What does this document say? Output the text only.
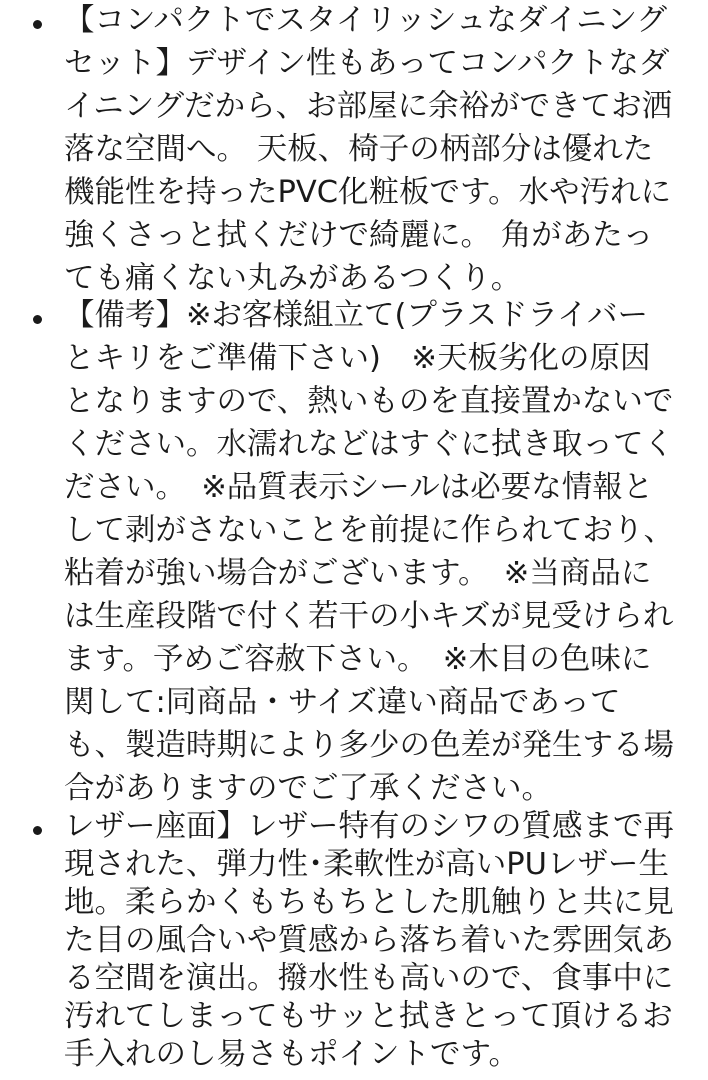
【コンパクトでスタイリッシュなダイニング
セット】デザイン性もあってコンパクトなダ
イニングだから、お部屋に余裕ができてお洒
落な空間へ。 天板、椅子の柄部分は優れた
機能性を持ったPVC化粧板です。水や汚れに
強くさっと拭くだけで綺麗に。 角があたっ
ても痛くない丸みがあるつくり。
【備考】※お客様組立て(プラスドライバー
とキリをご準備下さい)　※天板劣化の原因
となりますので、熱いものを直接置かないで
ください。水濡れなどはすぐに拭き取ってく
ださい。　※品質表示シールは必要な情報と
して剥がさないことを前提に作られており、
粘着が強い場合がございます。　※当商品に
は生産段階で付く若干の小キズが見受けられ
ます。予めご容赦下さい。　※木目の色味に
関して:同商品・サイズ違い商品であって
も、製造時期により多少の色差が発生する場
合がありますのでご了承ください。
レザー座面】レザー特有のシワの質感まで再
現された、弾力性･柔軟性が高いPUレザー生
地。柔らかくもちもちとした肌触りと共に見
た目の風合いや質感から落ち着いた雰囲気あ
る空間を演出。撥水性も高いので、食事中に
汚れてしまってもサッと拭きとって頂けるお
手入れのし易さもポイントです。
